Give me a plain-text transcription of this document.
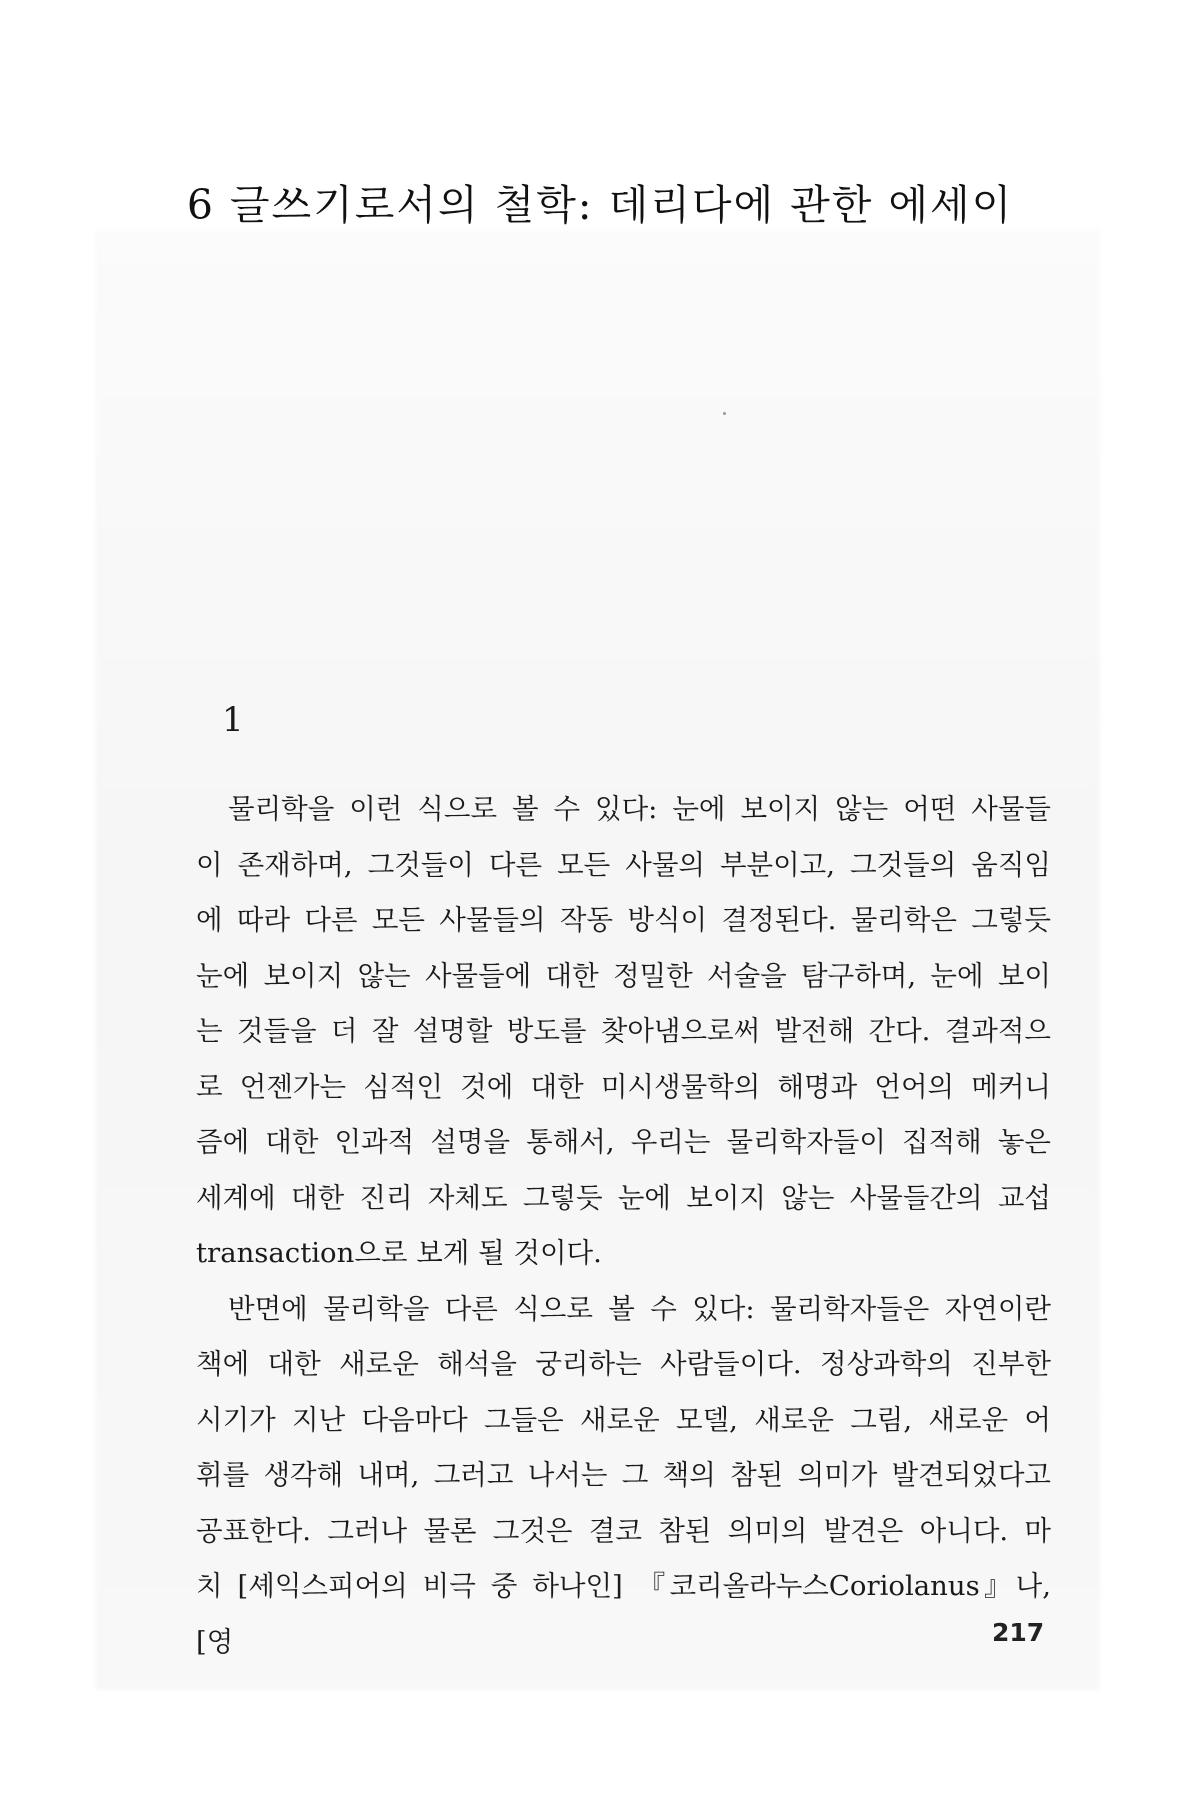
6 글쓰기로서의 철학: 데리다에 관한 에세이
1

물리학을 이런 식으로 볼 수 있다: 눈에 보이지 않는 어떤 사물들
이 존재하며, 그것들이 다른 모든 사물의 부분이고, 그것들의 움직임
에 따라 다른 모든 사물들의 작동 방식이 결정된다. 물리학은 그렇듯
눈에 보이지 않는 사물들에 대한 정밀한 서술을 탐구하며, 눈에 보이
는 것들을 더 잘 설명할 방도를 찾아냄으로써 발전해 간다. 결과적으
로 언젠가는 심적인 것에 대한 미시생물학의 해명과 언어의 메커니
즘에 대한 인과적 설명을 통해서, 우리는 물리학자들이 집적해 놓은
세계에 대한 진리 자체도 그렇듯 눈에 보이지 않는 사물들간의 교섭
transaction으로 보게 될 것이다.

반면에 물리학을 다른 식으로 볼 수 있다: 물리학자들은 자연이란
책에 대한 새로운 해석을 궁리하는 사람들이다. 정상과학의 진부한
시기가 지난 다음마다 그들은 새로운 모델, 새로운 그림, 새로운 어
휘를 생각해 내며, 그러고 나서는 그 책의 참된 의미가 발견되었다고
공표한다. 그러나 물론 그것은 결코 참된 의미의 발견은 아니다. 마
치 [셰익스피어의 비극 중 하나인] 『코리올라누스Coriolanus』나, [영	217
